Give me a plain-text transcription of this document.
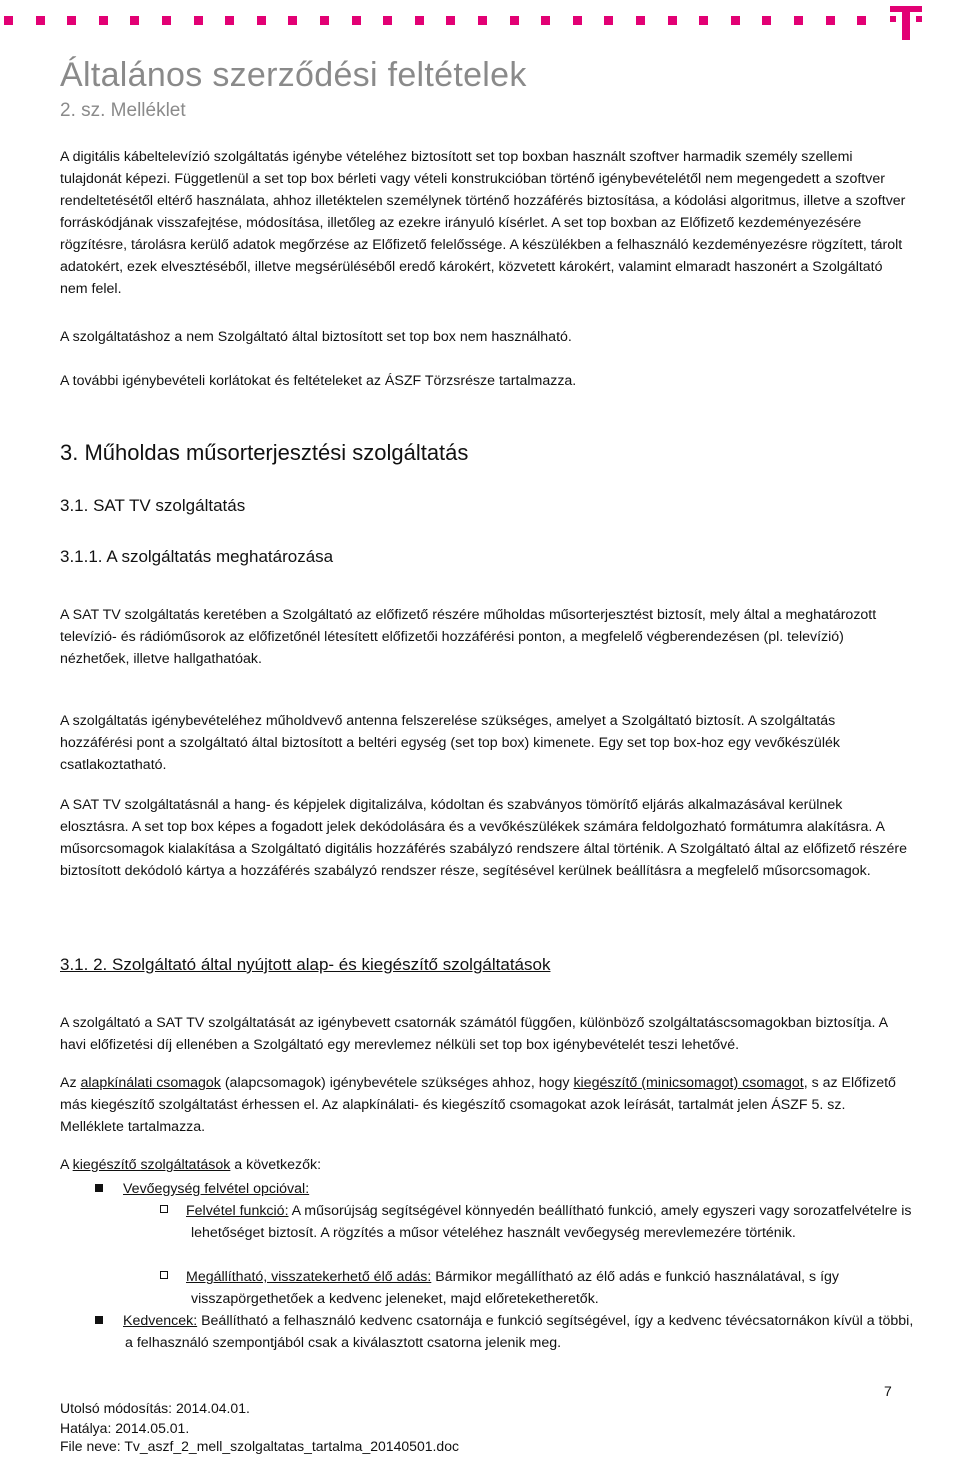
Általános szerződési feltételek
2. sz. Melléklet
A digitális kábeltelevízió szolgáltatás igénybe vételéhez biztosított set top boxban használt szoftver harmadik személy szellemi tulajdonát képezi. Függetlenül a set top box bérleti vagy vételi konstrukcióban történő igénybevételétől nem megengedett a szoftver rendeltetésétől eltérő használata, ahhoz illetéktelen személynek történő hozzáférés biztosítása, a kódolási algoritmus, illetve a szoftver forráskódjának visszafejtése, módosítása, illetőleg az ezekre irányuló kísérlet. A set top boxban az Előfizető kezdeményezésére rögzítésre, tárolásra kerülő adatok megőrzése az Előfizető felelőssége. A készülékben a felhasználó kezdeményezésre rögzített, tárolt adatokért, ezek elvesztéséből, illetve megsérüléséből eredő károkért, közvetett károkért, valamint elmaradt haszonért a Szolgáltató nem felel.
A szolgáltatáshoz a nem Szolgáltató által biztosított set top box nem használható.
A további igénybevételi korlátokat és feltételeket az ÁSZF Törzsrésze tartalmazza.
3. Műholdas műsorterjesztési szolgáltatás
3.1. SAT TV szolgáltatás
3.1.1. A szolgáltatás meghatározása
A SAT TV szolgáltatás keretében a Szolgáltató az előfizető részére műholdas műsorterjesztést biztosít, mely által a meghatározott televízió- és rádióműsorok az előfizetőnél létesített előfizetői hozzáférési ponton, a megfelelő végberendezésen (pl. televízió) nézhetőek, illetve hallgathatóak.
A szolgáltatás igénybevételéhez műholdvevő antenna felszerelése szükséges, amelyet a Szolgáltató biztosít. A szolgáltatás hozzáférési pont a szolgáltató által biztosított a beltéri egység (set top box) kimenete. Egy set top box-hoz egy vevőkészülék csatlakoztatható.
A SAT TV szolgáltatásnál a hang- és képjelek digitalizálva, kódoltan és szabványos tömörítő eljárás alkalmazásával kerülnek elosztásra. A set top box képes a fogadott jelek dekódolására és a vevőkészülékek számára feldolgozható formátumra alakításra. A műsorcsomagok kialakítása a Szolgáltató digitális hozzáférés szabályzó rendszere által történik. A Szolgáltató által az előfizető részére biztosított dekódoló kártya a hozzáférés szabályzó rendszer része, segítésével kerülnek beállításra a megfelelő műsorcsomagok.
3.1. 2. Szolgáltató által nyújtott alap- és kiegészítő szolgáltatások
A szolgáltató a SAT TV szolgáltatását az igénybevett csatornák számától függően, különböző szolgáltatáscsomagokban biztosítja. A havi előfizetési díj ellenében a Szolgáltató egy merevlemez nélküli set top box igénybevételét teszi lehetővé.
Az alapkínálati csomagok (alapcsomagok) igénybevétele szükséges ahhoz, hogy kiegészítő (minicsomagot) csomagot, s az Előfizető más kiegészítő szolgáltatást érhessen el. Az alapkínálati- és kiegészítő csomagokat azok leírását, tartalmát jelen ÁSZF 5. sz. Melléklete tartalmazza.
A kiegészítő szolgáltatások a következők:
Vevőegység felvétel opcióval:
Felvétel funkció: A műsorújság segítségével könnyedén beállítható funkció, amely egyszeri vagy sorozatfelvételre is lehetőséget biztosít. A rögzítés a műsor vételéhez használt vevőegység merevlemezére történik.
Megállítható, visszatekerhető élő adás: Bármikor megállítható az élő adás e funkció használatával, s így visszapörgethetőek a kedvenc jeleneket, majd előreteketheretők.
Kedvencek: Beállítható a felhasználó kedvenc csatornája e funkció segítségével, így a kedvenc tévécsatornákon kívül a többi, a felhasználó szempontjából csak a kiválasztott csatorna jelenik meg.
7
Utolsó módosítás: 2014.04.01.
Hatálya: 2014.05.01.
File neve: Tv_aszf_2_mell_szolgaltatas_tartalma_20140501.doc
